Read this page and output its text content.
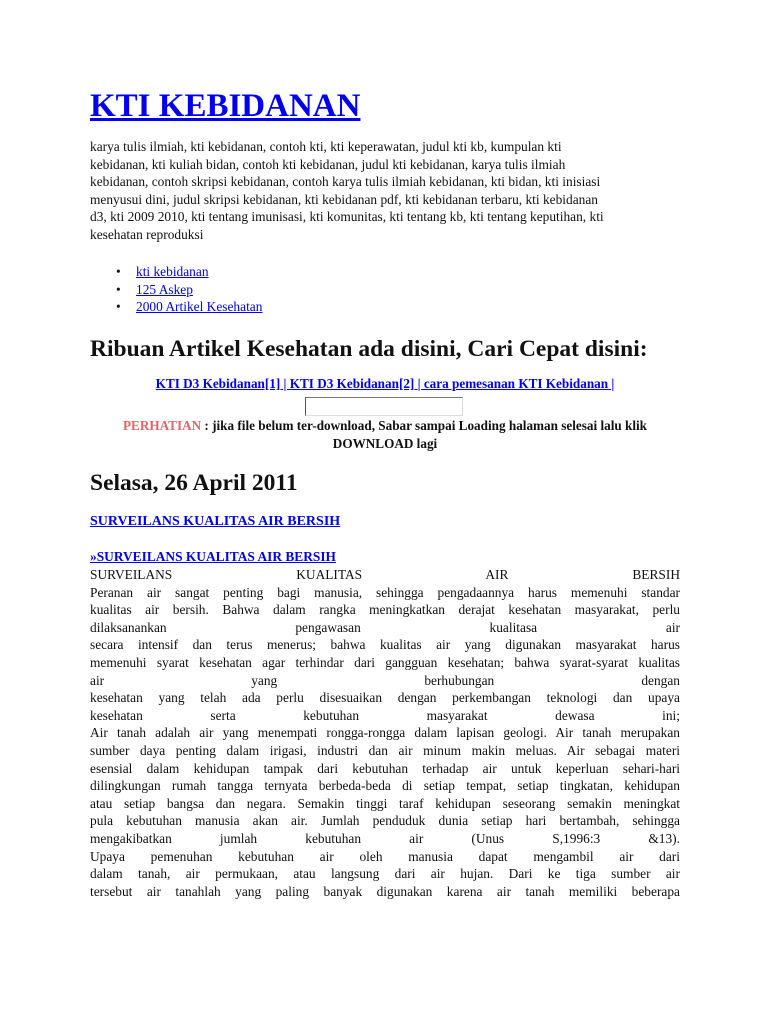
KTI KEBIDANAN
karya tulis ilmiah, kti kebidanan, contoh kti, kti keperawatan, judul kti kb, kumpulan kti
kebidanan, kti kuliah bidan, contoh kti kebidanan, judul kti kebidanan, karya tulis ilmiah
kebidanan, contoh skripsi kebidanan, contoh karya tulis ilmiah kebidanan, kti bidan, kti inisiasi
menyusui dini, judul skripsi kebidanan, kti kebidanan pdf, kti kebidanan terbaru, kti kebidanan
d3, kti 2009 2010, kti tentang imunisasi, kti komunitas, kti tentang kb, kti tentang keputihan, kti
kesehatan reproduksi
• kti kebidanan
• 125 Askep
• 2000 Artikel Kesehatan
Ribuan Artikel Kesehatan ada disini, Cari Cepat disini:

KTI D3 Kebidanan[1] | KTI D3 Kebidanan[2] | cara pemesanan KTI Kebidanan |

PERHATIAN : jika file belum ter-download, Sabar sampai Loading halaman selesai lalu klik DOWNLOAD lagi

Selasa, 26 April 2011
SURVEILANS KUALITAS AIR BERSIH

»SURVEILANS KUALITAS AIR BERSIH

SURVEILANS KUALITAS AIR BERSIH
Peranan air sangat penting bagi manusia, sehingga pengadaannya harus memenuhi standar
kualitas air bersih. Bahwa dalam rangka meningkatkan derajat kesehatan masyarakat, perlu
dilaksanankan pengawasan kualitasa air
secara intensif dan terus menerus; bahwa kualitas air yang digunakan masyarakat harus
memenuhi syarat kesehatan agar terhindar dari gangguan kesehatan; bahwa syarat-syarat kualitas
air yang berhubungan dengan
kesehatan yang telah ada perlu disesuaikan dengan perkembangan teknologi dan upaya
kesehatan serta kebutuhan masyarakat dewasa ini;
Air tanah adalah air yang menempati rongga-rongga dalam lapisan geologi. Air tanah merupakan
sumber daya penting dalam irigasi, industri dan air minum makin meluas. Air sebagai materi
esensial dalam kehidupan tampak dari kebutuhan terhadap air untuk keperluan sehari-hari
dilingkungan rumah tangga ternyata berbeda-beda di setiap tempat, setiap tingkatan, kehidupan
atau setiap bangsa dan negara. Semakin tinggi taraf kehidupan seseorang semakin meningkat
pula kebutuhan manusia akan air. Jumlah penduduk dunia setiap hari bertambah, sehingga
mengakibatkan jumlah kebutuhan air (Unus S,1996:3 &13).
Upaya pemenuhan kebutuhan air oleh manusia dapat mengambil air dari
dalam tanah, air permukaan, atau langsung dari air hujan. Dari ke tiga sumber air
tersebut air tanahlah yang paling banyak digunakan karena air tanah memiliki beberapa
